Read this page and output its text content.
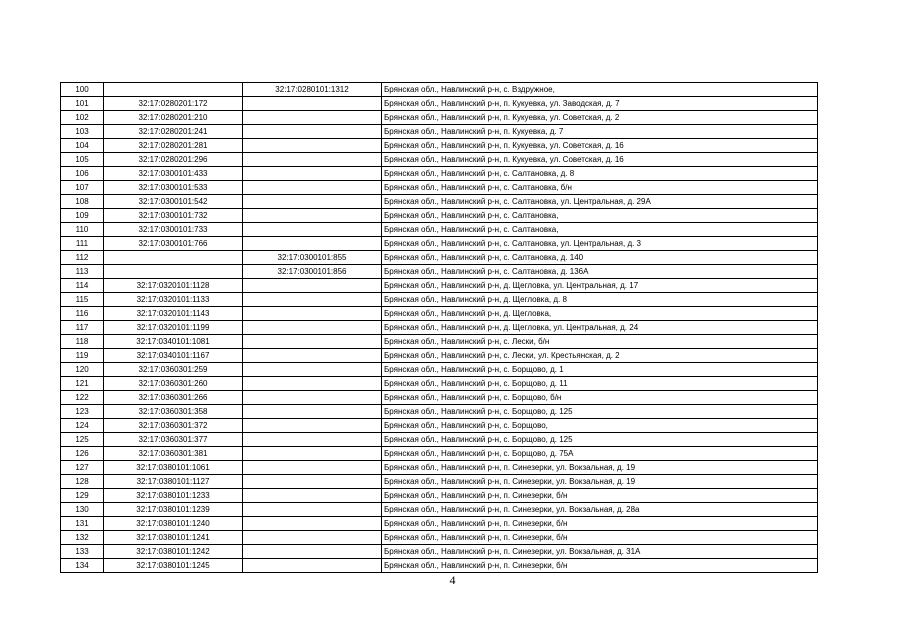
100		32:17:0280101:1312	Брянская обл., Навлинский р-н, с. Вздружное,
101	32:17:0280201:172		Брянская обл., Навлинский р-н, п. Кукуевка, ул. Заводская, д. 7
102	32:17:0280201:210		Брянская обл., Навлинский р-н, п. Кукуевка, ул. Советская, д. 2
103	32:17:0280201:241		Брянская обл., Навлинский р-н, п. Кукуевка, д. 7
104	32:17:0280201:281		Брянская обл., Навлинский р-н, п. Кукуевка, ул. Советская, д. 16
105	32:17:0280201:296		Брянская обл., Навлинский р-н, п. Кукуевка, ул. Советская, д. 16
106	32:17:0300101:433		Брянская обл., Навлинский р-н, с. Салтановка, д. 8
107	32:17:0300101:533		Брянская обл., Навлинский р-н, с. Салтановка, б/н
108	32:17:0300101:542		Брянская обл., Навлинский р-н, с. Салтановка, ул. Центральная, д. 29А
109	32:17:0300101:732		Брянская обл., Навлинский р-н, с. Салтановка,
110	32:17:0300101:733		Брянская обл., Навлинский р-н, с. Салтановка,
111	32:17:0300101:766		Брянская обл., Навлинский р-н, с. Салтановка, ул. Центральная, д. 3
112		32:17:0300101:855	Брянская обл., Навлинский р-н, с. Салтановка, д. 140
113		32:17:0300101:856	Брянская обл., Навлинский р-н, с. Салтановка, д. 136А
114	32:17:0320101:1128		Брянская обл., Навлинский р-н, д. Щегловка, ул. Центральная, д. 17
115	32:17:0320101:1133		Брянская обл., Навлинский р-н, д. Щегловка, д. 8
116	32:17:0320101:1143		Брянская обл., Навлинский р-н, д. Щегловка,
117	32:17:0320101:1199		Брянская обл., Навлинский р-н, д. Щегловка, ул. Центральная, д. 24
118	32:17:0340101:1081		Брянская обл., Навлинский р-н, с. Лески, б/н
119	32:17:0340101:1167		Брянская обл., Навлинский р-н, с. Лески, ул. Крестьянская, д. 2
120	32:17:0360301:259		Брянская обл., Навлинский р-н, с. Борщово, д. 1
121	32:17:0360301:260		Брянская обл., Навлинский р-н, с. Борщово, д. 11
122	32:17:0360301:266		Брянская обл., Навлинский р-н, с. Борщово, б/н
123	32:17:0360301:358		Брянская обл., Навлинский р-н, с. Борщово, д. 125
124	32:17:0360301:372		Брянская обл., Навлинский р-н, с. Борщово,
125	32:17:0360301:377		Брянская обл., Навлинский р-н, с. Борщово, д. 125
126	32:17:0360301:381		Брянская обл., Навлинский р-н, с. Борщово, д. 75А
127	32:17:0380101:1061		Брянская обл., Навлинский р-н, п. Синезерки, ул. Вокзальная, д. 19
128	32:17:0380101:1127		Брянская обл., Навлинский р-н, п. Синезерки, ул. Вокзальная, д. 19
129	32:17:0380101:1233		Брянская обл., Навлинский р-н, п. Синезерки, б/н
130	32:17:0380101:1239		Брянская обл., Навлинский р-н, п. Синезерки, ул. Вокзальная, д. 28а
131	32:17:0380101:1240		Брянская обл., Навлинский р-н, п. Синезерки, б/н
132	32:17:0380101:1241		Брянская обл., Навлинский р-н, п. Синезерки, б/н
133	32:17:0380101:1242		Брянская обл., Навлинский р-н, п. Синезерки, ул. Вокзальная, д. 31А
134	32:17:0380101:1245		Брянская обл., Навлинский р-н, п. Синезерки, б/н
4
